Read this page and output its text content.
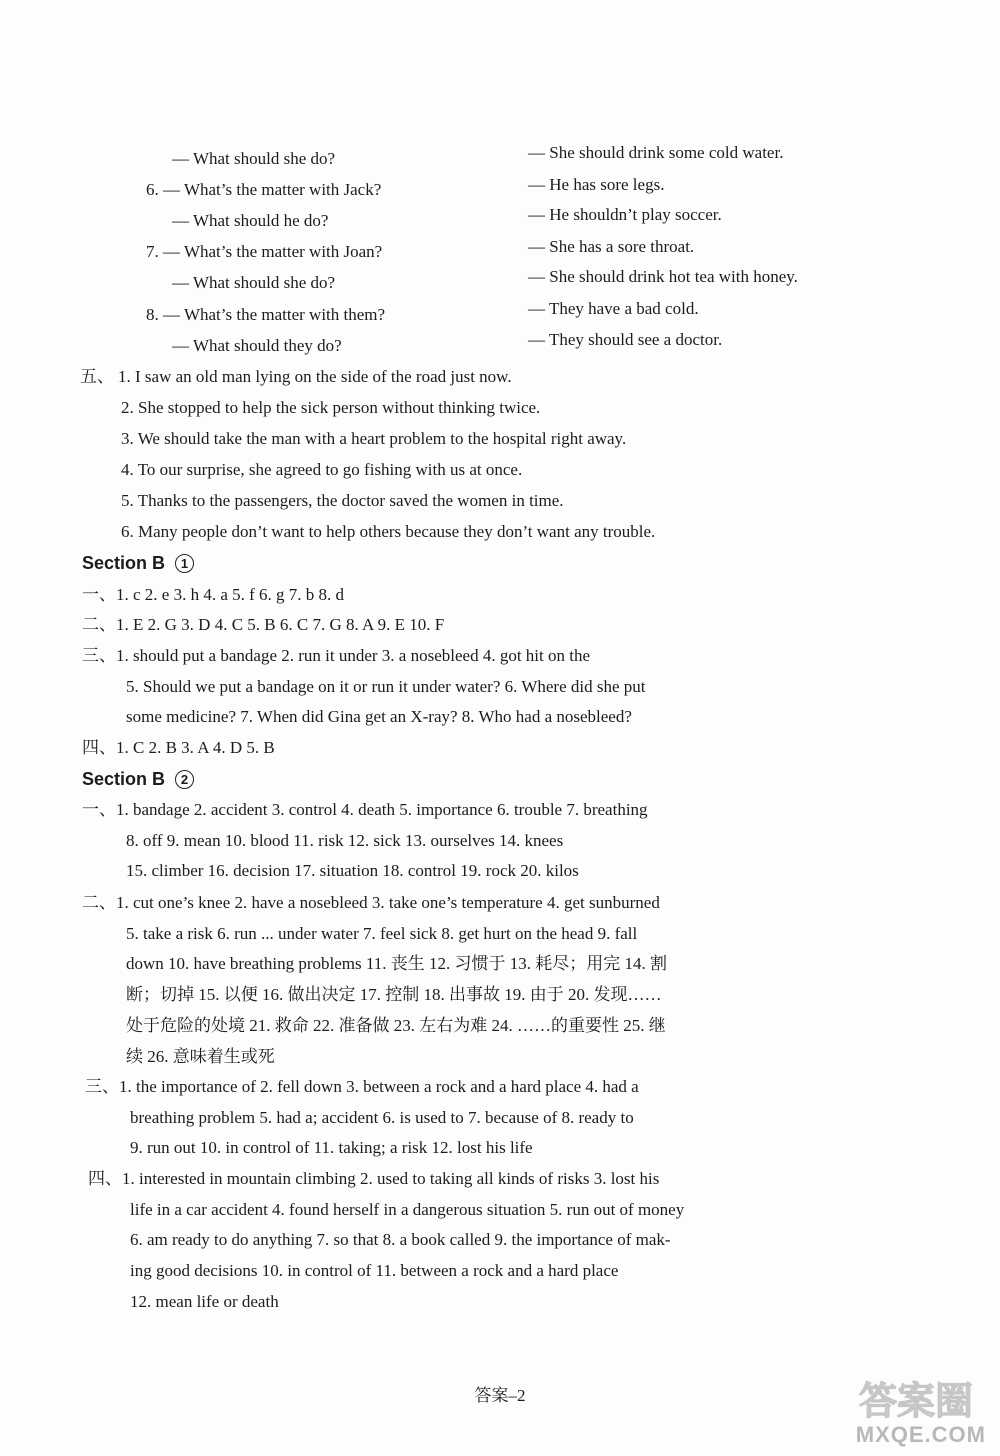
— What should she do?	— She should drink some cold water.
6. — What’s the matter with Jack?	— He has sore legs.
— What should he do?	— He shouldn’t play soccer.
7. — What’s the matter with Joan?	— She has a sore throat.
— What should she do?	— She should drink hot tea with honey.
8. — What’s the matter with them?	— They have a bad cold.
— What should they do?	— They should see a doctor.
五、 1. I saw an old man lying on the side of the road just now.
2. She stopped to help the sick person without thinking twice.
3. We should take the man with a heart problem to the hospital right away.
4. To our surprise, she agreed to go fishing with us at once.
5. Thanks to the passengers, the doctor saved the women in time.
6. Many people don’t want to help others because they don’t want any trouble.
Section B 1
一、1. c 2. e 3. h 4. a 5. f 6. g 7. b 8. d
二、1. E 2. G 3. D 4. C 5. B 6. C 7. G 8. A 9. E 10. F
三、1. should put a bandage 2. run it under 3. a nosebleed 4. got hit on the
5. Should we put a bandage on it or run it under water? 6. Where did she put
some medicine? 7. When did Gina get an X-ray? 8. Who had a nosebleed?
四、1. C 2. B 3. A 4. D 5. B
Section B 2
一、1. bandage 2. accident 3. control 4. death 5. importance 6. trouble 7. breathing
8. off 9. mean 10. blood 11. risk 12. sick 13. ourselves 14. knees
15. climber 16. decision 17. situation 18. control 19. rock 20. kilos
二、1. cut one’s knee 2. have a nosebleed 3. take one’s temperature 4. get sunburned
5. take a risk 6. run ... under water 7. feel sick 8. get hurt on the head 9. fall
down 10. have breathing problems 11. 丧生 12. 习惯于 13. 耗尽；用完 14. 割
断；切掉 15. 以便 16. 做出决定 17. 控制 18. 出事故 19. 由于 20. 发现……
处于危险的处境 21. 救命 22. 准备做 23. 左右为难 24. ……的重要性 25. 继
续 26. 意味着生或死
三、1. the importance of 2. fell down 3. between a rock and a hard place 4. had a
breathing problem 5. had a; accident 6. is used to 7. because of 8. ready to
9. run out 10. in control of 11. taking; a risk 12. lost his life
四、1. interested in mountain climbing 2. used to taking all kinds of risks 3. lost his
life in a car accident 4. found herself in a dangerous situation 5. run out of money
6. am ready to do anything 7. so that 8. a book called 9. the importance of mak-
ing good decisions 10. in control of 11. between a rock and a hard place
12. mean life or death
答案–2	答案圈
MXQE.COM
